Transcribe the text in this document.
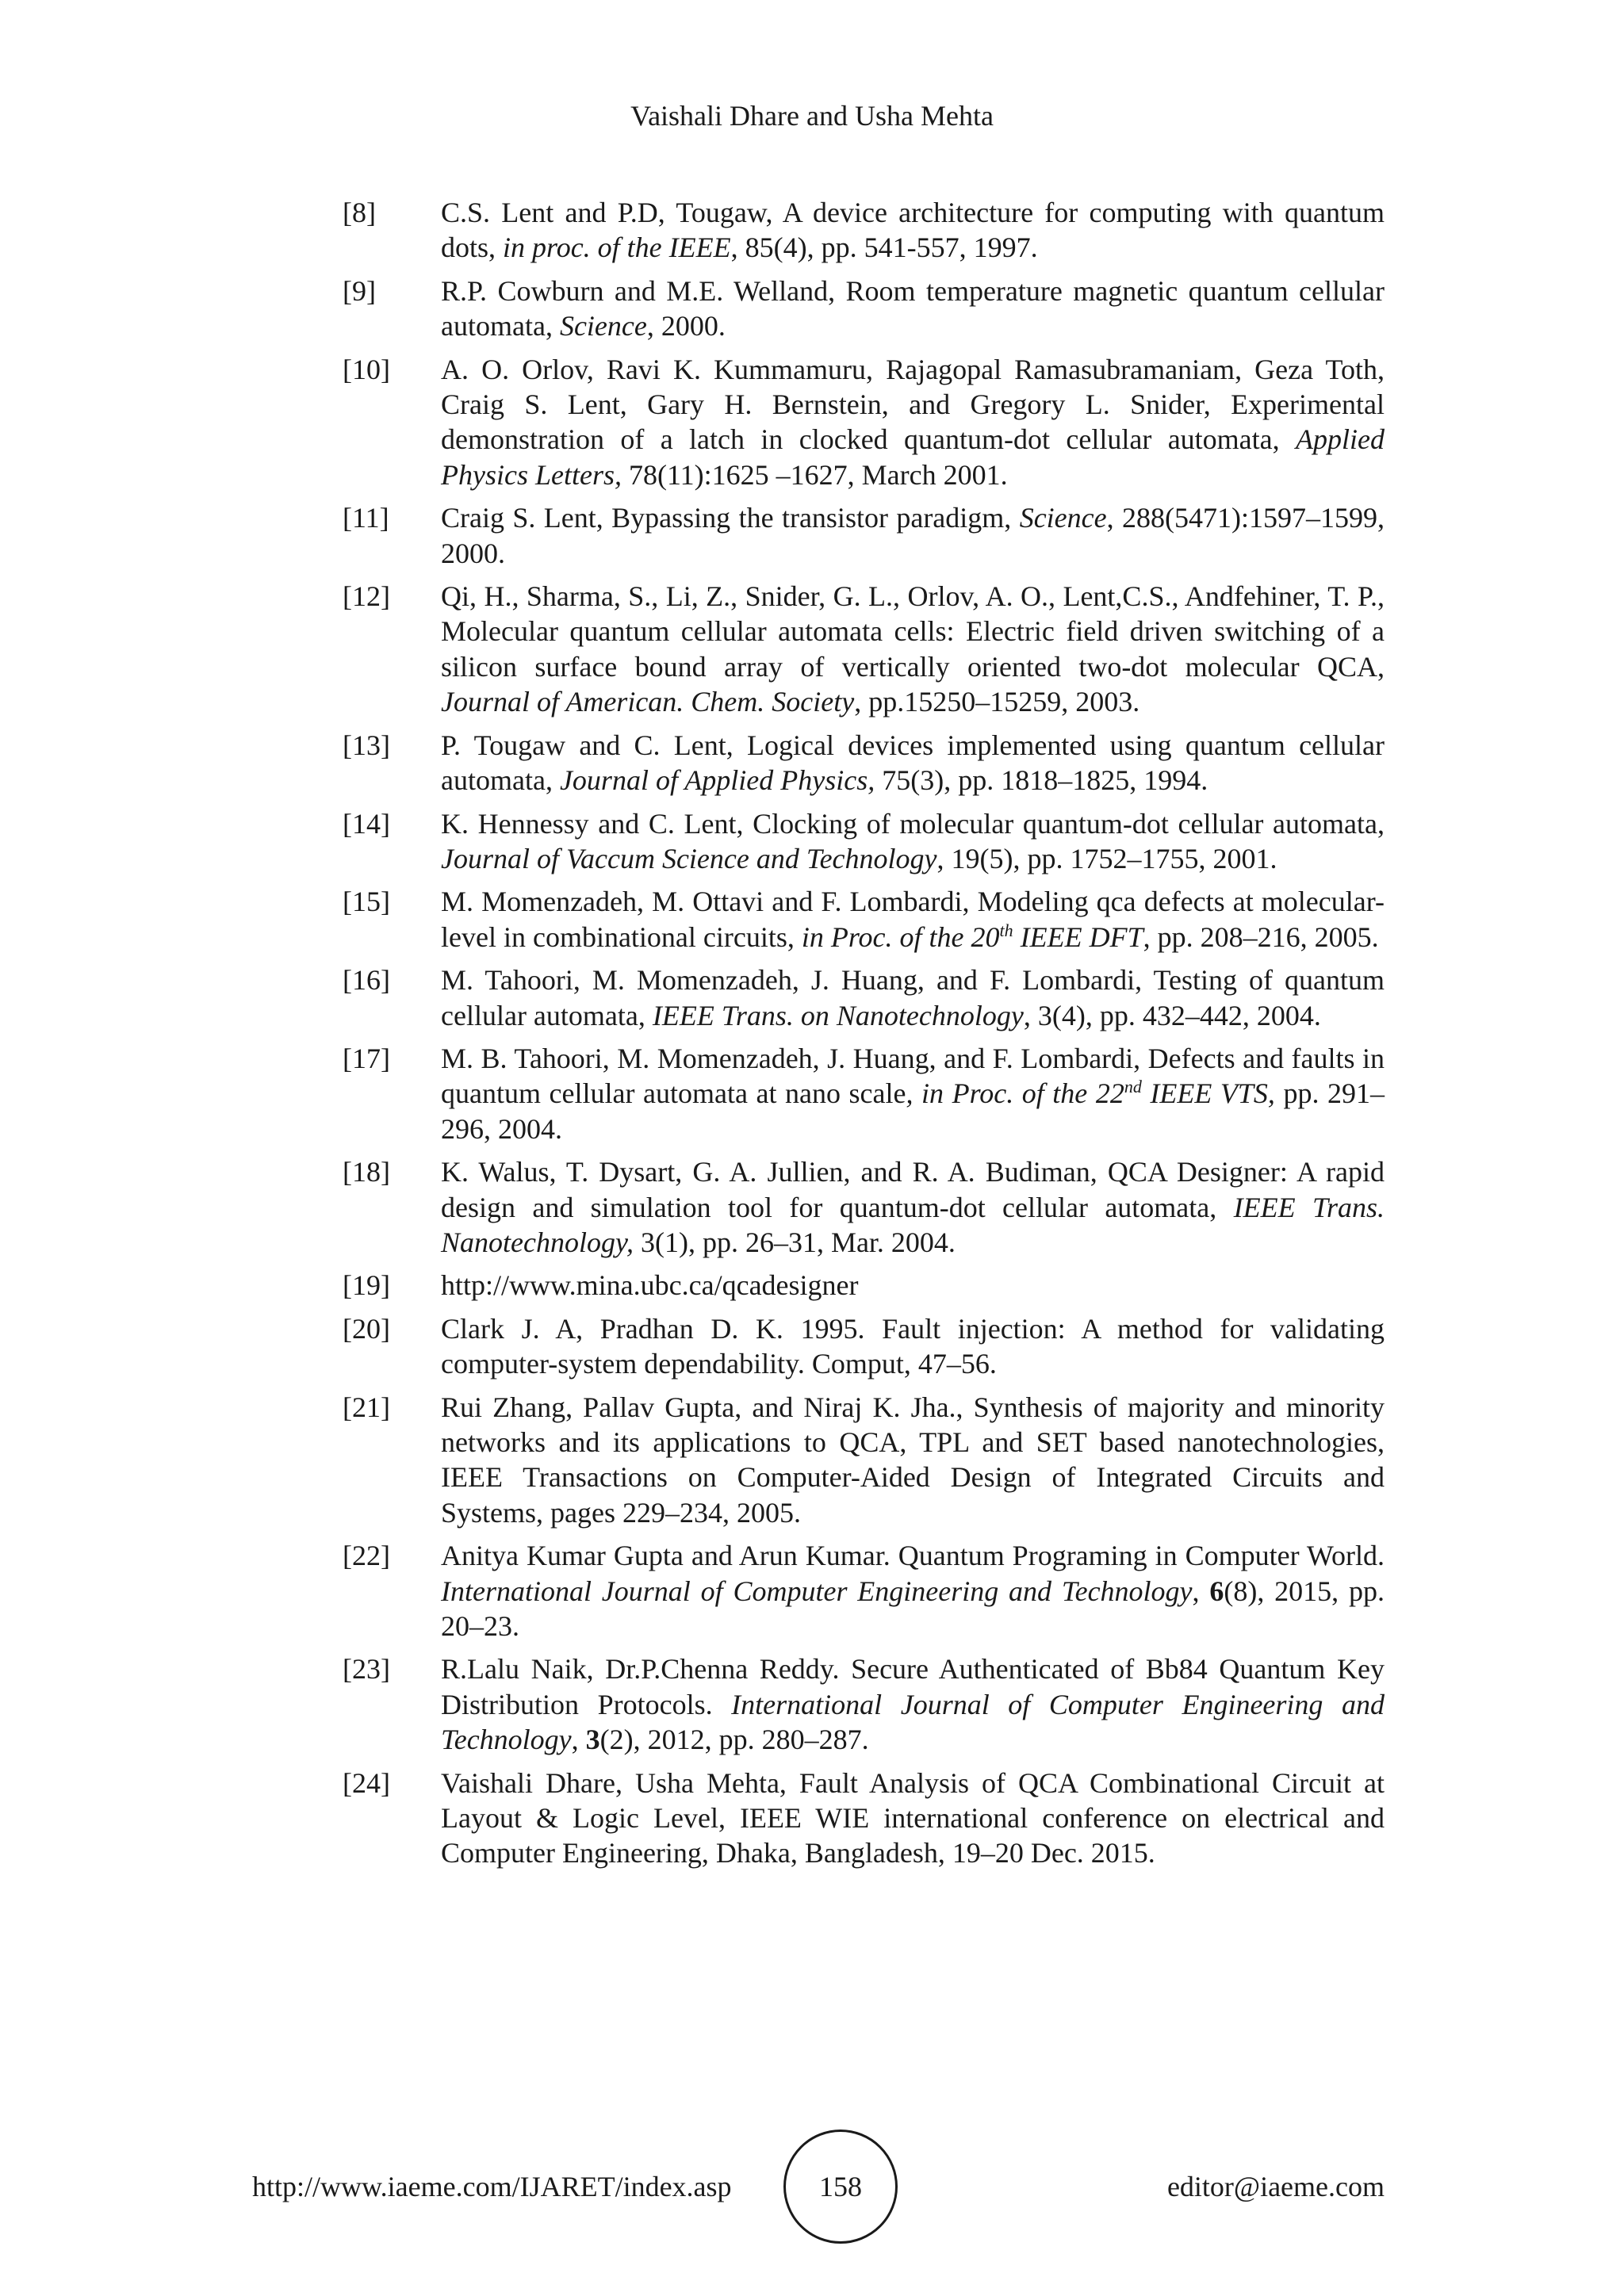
Vaishali Dhare and Usha Mehta
[8]	C.S. Lent and P.D, Tougaw, A device architecture for computing with quantum dots, in proc. of the IEEE, 85(4), pp. 541-557, 1997.
[9]	R.P. Cowburn and M.E. Welland, Room temperature magnetic quantum cellular automata, Science, 2000.
[10]	A. O. Orlov, Ravi K. Kummamuru, Rajagopal Ramasubramaniam, Geza Toth, Craig S. Lent, Gary H. Bernstein, and Gregory L. Snider, Experimental demonstration of a latch in clocked quantum-dot cellular automata, Applied Physics Letters, 78(11):1625 –1627, March 2001.
[11]	Craig S. Lent, Bypassing the transistor paradigm, Science, 288(5471):1597–1599, 2000.
[12]	Qi, H., Sharma, S., Li, Z., Snider, G. L., Orlov, A. O., Lent,C.S., Andfehiner, T. P., Molecular quantum cellular automata cells: Electric field driven switching of a silicon surface bound array of vertically oriented two-dot molecular QCA, Journal of American. Chem. Society, pp.15250–15259, 2003.
[13]	P. Tougaw and C. Lent, Logical devices implemented using quantum cellular automata, Journal of Applied Physics, 75(3), pp. 1818–1825, 1994.
[14]	K. Hennessy and C. Lent, Clocking of molecular quantum-dot cellular automata, Journal of Vaccum Science and Technology, 19(5), pp. 1752–1755, 2001.
[15]	M. Momenzadeh, M. Ottavi and F. Lombardi, Modeling qca defects at molecular-level in combinational circuits, in Proc. of the 20th IEEE DFT, pp. 208–216, 2005.
[16]	M. Tahoori, M. Momenzadeh, J. Huang, and F. Lombardi, Testing of quantum cellular automata, IEEE Trans. on Nanotechnology, 3(4), pp. 432–442, 2004.
[17]	M. B. Tahoori, M. Momenzadeh, J. Huang, and F. Lombardi, Defects and faults in quantum cellular automata at nano scale, in Proc. of the 22nd IEEE VTS, pp. 291–296, 2004.
[18]	K. Walus, T. Dysart, G. A. Jullien, and R. A. Budiman, QCA Designer: A rapid design and simulation tool for quantum-dot cellular automata, IEEE Trans. Nanotechnology, 3(1), pp. 26–31, Mar. 2004.
[19]	http://www.mina.ubc.ca/qcadesigner
[20]	Clark J. A, Pradhan D. K. 1995. Fault injection: A method for validating computer-system dependability. Comput, 47–56.
[21]	Rui Zhang, Pallav Gupta, and Niraj K. Jha., Synthesis of majority and minority networks and its applications to QCA, TPL and SET based nanotechnologies, IEEE Transactions on Computer-Aided Design of Integrated Circuits and Systems, pages 229–234, 2005.
[22]	Anitya Kumar Gupta and Arun Kumar. Quantum Programing in Computer World. International Journal of Computer Engineering and Technology, 6(8), 2015, pp. 20–23.
[23]	R.Lalu Naik, Dr.P.Chenna Reddy. Secure Authenticated of Bb84 Quantum Key Distribution Protocols. International Journal of Computer Engineering and Technology, 3(2), 2012, pp. 280–287.
[24]	Vaishali Dhare, Usha Mehta, Fault Analysis of QCA Combinational Circuit at Layout & Logic Level, IEEE WIE international conference on electrical and Computer Engineering, Dhaka, Bangladesh, 19–20 Dec. 2015.
http://www.iaeme.com/IJARET/index.asp	158	editor@iaeme.com
